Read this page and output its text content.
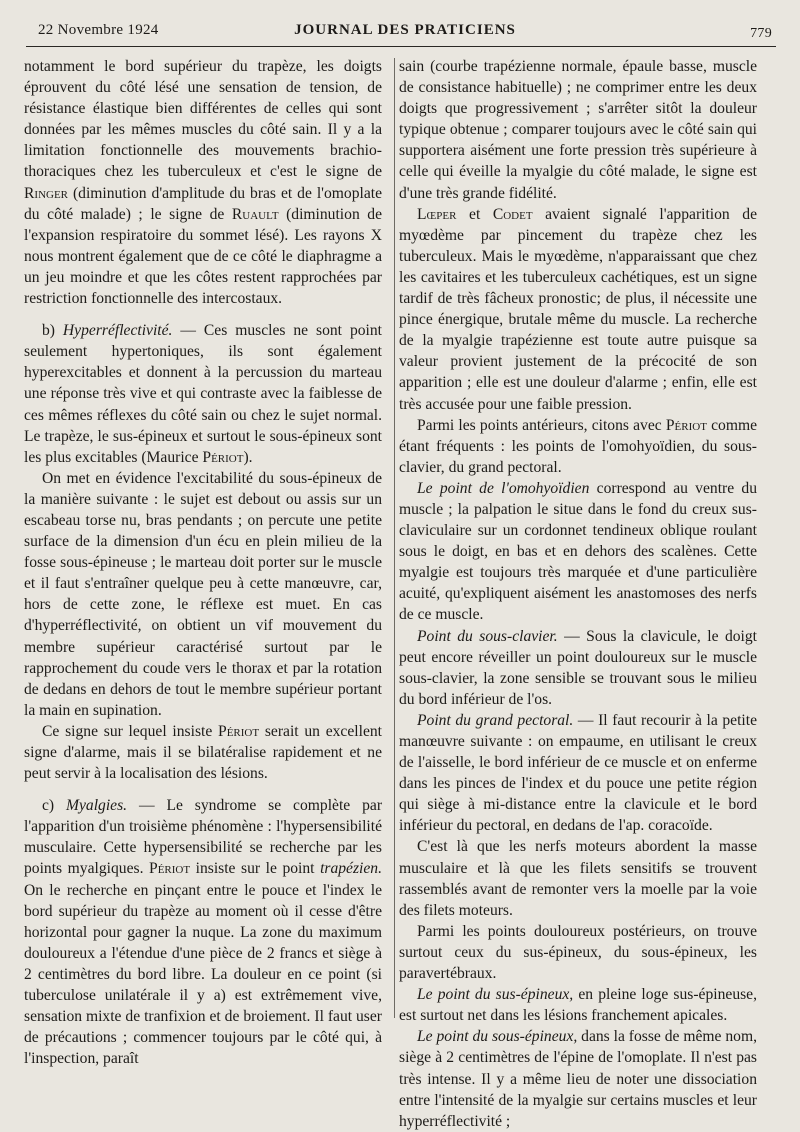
22 Novembre 1924	JOURNAL DES PRATICIENS	779

notamment le bord supérieur du trapèze, les doigts éprouvent du côté lésé une sensation de tension, de résistance élastique bien différentes de celles qui sont données par les mêmes muscles du côté sain. Il y a la limitation fonctionnelle des mouvements brachio-thoraciques chez les tuberculeux et c'est le signe de Ringer (diminution d'amplitude du bras et de l'omoplate du côté malade) ; le signe de Ruault (diminution de l'expansion respiratoire du sommet lésé). Les rayons X nous montrent également que de ce côté le diaphragme a un jeu moindre et que les côtes restent rapprochées par restriction fonctionnelle des intercostaux.

b) Hyperréflectivité. — Ces muscles ne sont point seulement hypertoniques, ils sont également hyperexcitables et donnent à la percussion du marteau une réponse très vive et qui contraste avec la faiblesse de ces mêmes réflexes du côté sain ou chez le sujet normal. Le trapèze, le sus-épineux et surtout le sous-épineux sont les plus excitables (Maurice Périot).

On met en évidence l'excitabilité du sous-épineux de la manière suivante : le sujet est debout ou assis sur un escabeau torse nu, bras pendants ; on percute une petite surface de la dimension d'un écu en plein milieu de la fosse sous-épineuse ; le marteau doit porter sur le muscle et il faut s'entraîner quelque peu à cette manœuvre, car, hors de cette zone, le réflexe est muet. En cas d'hyperréflectivité, on obtient un vif mouvement du membre supérieur caractérisé surtout par le rapprochement du coude vers le thorax et par la rotation de dedans en dehors de tout le membre supérieur portant la main en supination.

Ce signe sur lequel insiste Périot serait un excellent signe d'alarme, mais il se bilatéralise rapidement et ne peut servir à la localisation des lésions.

c) Myalgies. — Le syndrome se complète par l'apparition d'un troisième phénomène : l'hypersensibilité musculaire. Cette hypersensibilité se recherche par les points myalgiques. Périot insiste sur le point trapézien. On le recherche en pinçant entre le pouce et l'index le bord supérieur du trapèze au moment où il cesse d'être horizontal pour gagner la nuque. La zone du maximum douloureux a l'étendue d'une pièce de 2 francs et siège à 2 centimètres du bord libre. La douleur en ce point (si tuberculose unilatérale il y a) est extrêmement vive, sensation mixte de tranfixion et de broiement. Il faut user de précautions ; commencer toujours par le côté qui, à l'inspection, paraît

sain (courbe trapézienne normale, épaule basse, muscle de consistance habituelle) ; ne comprimer entre les deux doigts que progressivement ; s'arrêter sitôt la douleur typique obtenue ; comparer toujours avec le côté sain qui supportera aisément une forte pression très supérieure à celle qui éveille la myalgie du côté malade, le signe est d'une très grande fidélité.

Lœper et Codet avaient signalé l'apparition de myœdème par pincement du trapèze chez les tuberculeux. Mais le myœdème, n'apparaissant que chez les cavitaires et les tuberculeux cachétiques, est un signe tardif de très fâcheux pronostic; de plus, il nécessite une pince énergique, brutale même du muscle. La recherche de la myalgie trapézienne est toute autre puisque sa valeur provient justement de la précocité de son apparition ; elle est une douleur d'alarme ; enfin, elle est très accusée pour une faible pression.

Parmi les points antérieurs, citons avec Périot comme étant fréquents : les points de l'omohyoïdien, du sous-clavier, du grand pectoral.

Le point de l'omohyoïdien correspond au ventre du muscle ; la palpation le situe dans le fond du creux sus-claviculaire sur un cordonnet tendineux oblique roulant sous le doigt, en bas et en dehors des scalènes. Cette myalgie est toujours très marquée et d'une particulière acuité, qu'expliquent aisément les anastomoses des nerfs de ce muscle.

Point du sous-clavier. — Sous la clavicule, le doigt peut encore réveiller un point douloureux sur le muscle sous-clavier, la zone sensible se trouvant sous le milieu du bord inférieur de l'os.

Point du grand pectoral. — Il faut recourir à la petite manœuvre suivante : on empaume, en utilisant le creux de l'aisselle, le bord inférieur de ce muscle et on enferme dans les pinces de l'index et du pouce une petite région qui siège à mi-distance entre la clavicule et le bord inférieur du pectoral, en dedans de l'ap. coracoïde.

C'est là que les nerfs moteurs abordent la masse musculaire et là que les filets sensitifs se trouvent rassemblés avant de remonter vers la moelle par la voie des filets moteurs.

Parmi les points douloureux postérieurs, on trouve surtout ceux du sus-épineux, du sous-épineux, les paravertébraux.

Le point du sus-épineux, en pleine loge sus-épineuse, est surtout net dans les lésions franchement apicales.

Le point du sous-épineux, dans la fosse de même nom, siège à 2 centimètres de l'épine de l'omoplate. Il n'est pas très intense. Il y a même lieu de noter une dissociation entre l'intensité de la myalgie sur certains muscles et leur hyperréflectivité ;
